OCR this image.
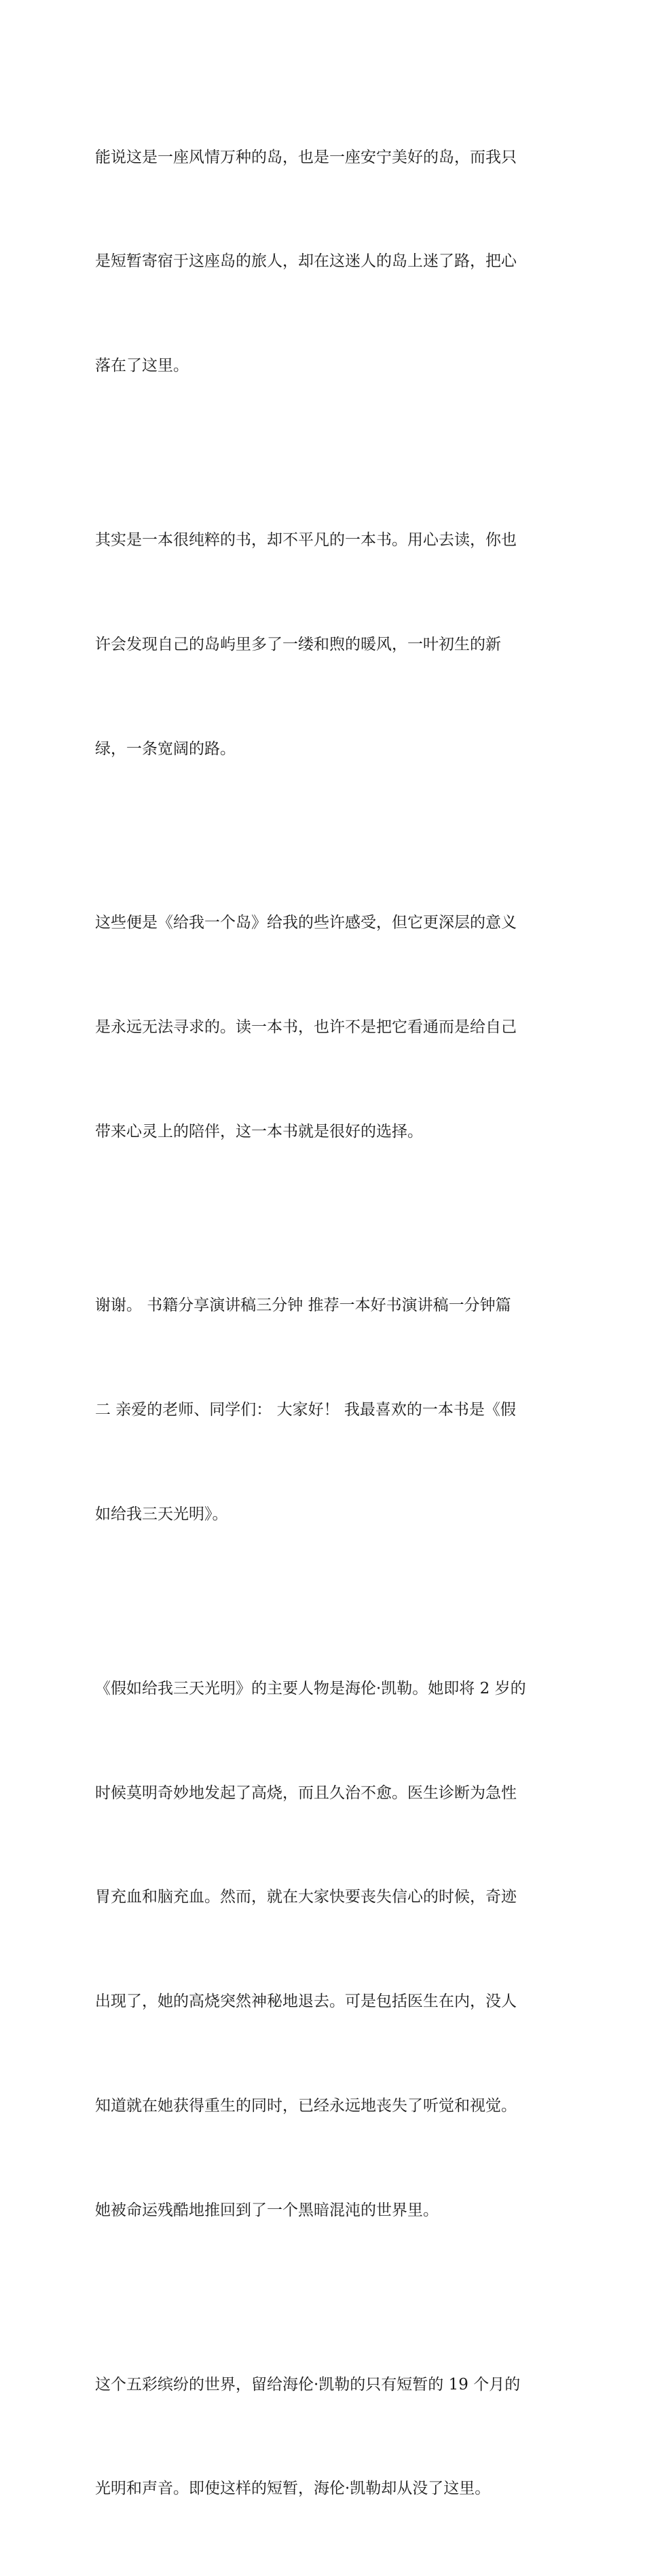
能说这是一座风情万种的岛，也是一座安宁美好的岛，而我只

是短暂寄宿于这座岛的旅人，却在这迷人的岛上迷了路，把心

落在了这里。

其实是一本很纯粹的书，却不平凡的一本书。用心去读，你也

许会发现自己的岛屿里多了一缕和煦的暖风，一叶初生的新

绿，一条宽阔的路。

这些便是《给我一个岛》给我的些许感受，但它更深层的意义

是永远无法寻求的。读一本书，也许不是把它看通而是给自己

带来心灵上的陪伴，这一本书就是很好的选择。

谢谢。 书籍分享演讲稿三分钟 推荐一本好书演讲稿一分钟篇

二 亲爱的老师、同学们： 大家好！ 我最喜欢的一本书是《假

如给我三天光明》。

《假如给我三天光明》的主要人物是海伦·凯勒。她即将 2 岁的

时候莫明奇妙地发起了高烧，而且久治不愈。医生诊断为急性

胃充血和脑充血。然而，就在大家快要丧失信心的时候，奇迹

出现了，她的高烧突然神秘地退去。可是包括医生在内，没人

知道就在她获得重生的同时，已经永远地丧失了听觉和视觉。

她被命运残酷地推回到了一个黑暗混沌的世界里。

这个五彩缤纷的世界，留给海伦·凯勒的只有短暂的 19 个月的

光明和声音。即使这样的短暂，海伦·凯勒却从没了这里。
